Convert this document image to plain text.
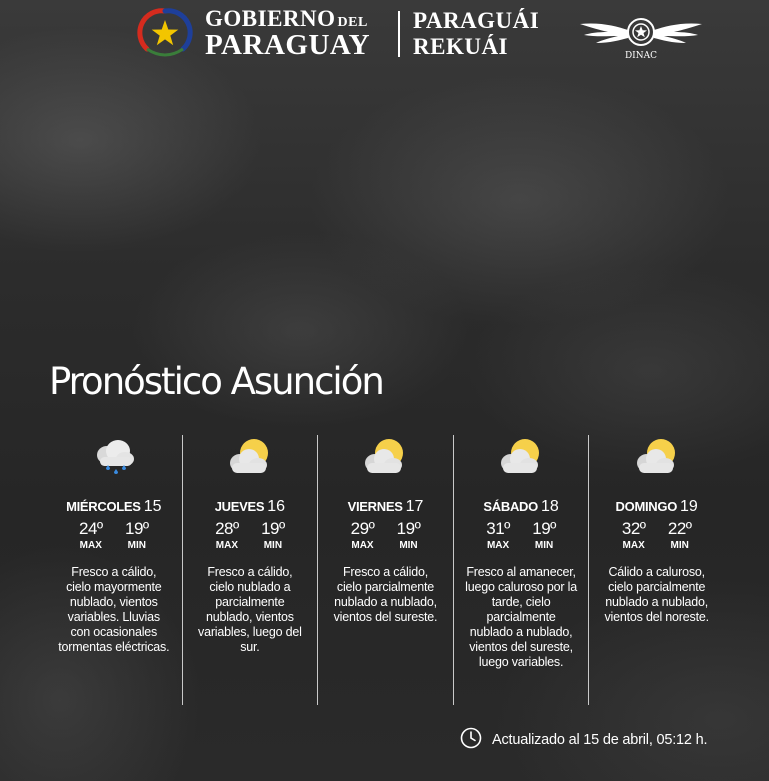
GOBIERNO DEL
PARAGUAY
PARAGUÁI
REKUÁI	DINAC
Pronóstico Asunción
MIÉRCOLES 15
24º
MAX
19º
MIN
Fresco a cálido, cielo mayormente nublado, vientos variables. Lluvias con ocasionales tormentas eléctricas.
JUEVES 16
28º
MAX
19º
MIN
Fresco a cálido, cielo nublado a parcialmente nublado, vientos variables, luego del sur.
VIERNES 17
29º
MAX
19º
MIN
Fresco a cálido, cielo parcialmente nublado a nublado, vientos del sureste.
SÁBADO 18
31º
MAX
19º
MIN
Fresco al amanecer, luego caluroso por la tarde, cielo parcialmente nublado a nublado, vientos del sureste, luego variables.
DOMINGO 19
32º
MAX
22º
MIN
Cálido a caluroso, cielo parcialmente nublado a nublado, vientos del noreste.
Actualizado al 15 de abril, 05:12 h.
